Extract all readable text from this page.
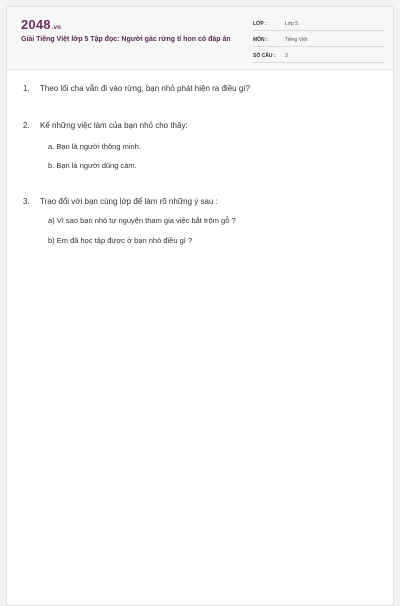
2048.vn
Giải Tiếng Việt lớp 5 Tập đọc: Người gác rừng tí hon có đáp án
LỚP :	Lớp 5
MÔN :	Tiếng Việt
SỐ CÂU : 3
1. Theo lối cha vẫn đi vào rừng, bạn nhỏ phát hiện ra điều gì?
2. Kể những việc làm của bạn nhỏ cho thấy:
a. Bạn là người thông minh.
b. Bạn là người dũng cảm.
3. Trao đổi với bạn cùng lớp để làm rõ những ý sau :
a) Vì sao bạn nhỏ tự nguyện tham gia việc bắt trộm gỗ ?
b) Em đã học tập được ở bạn nhỏ điều gì ?
